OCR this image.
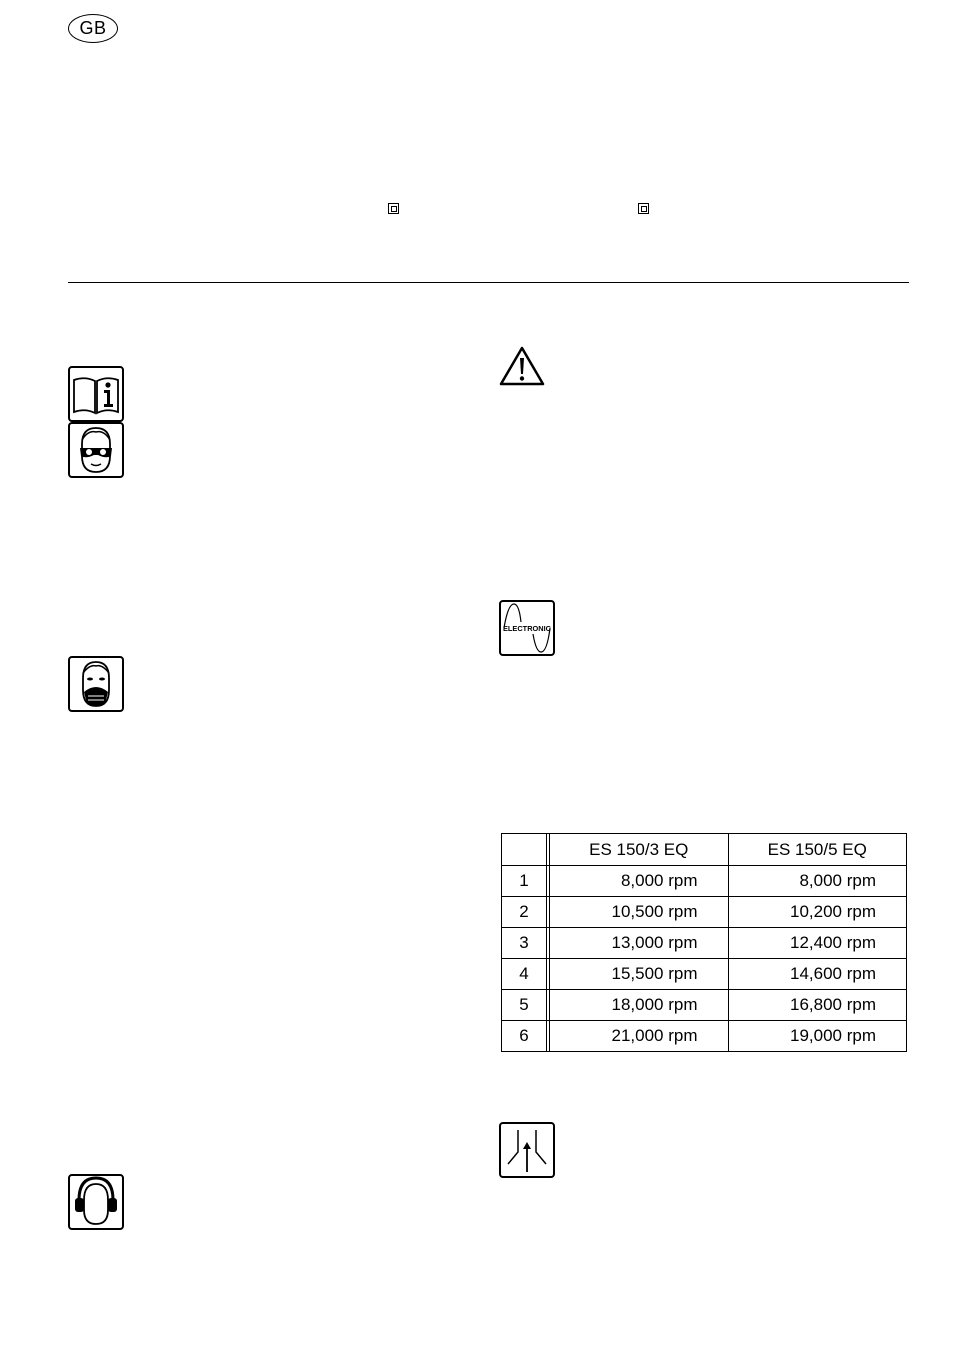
GB
ELECTRONIC
		ES 150/3 EQ	ES 150/5 EQ
1		8,000 rpm	8,000 rpm
2		10,500 rpm	10,200 rpm
3		13,000 rpm	12,400 rpm
4		15,500 rpm	14,600 rpm
5		18,000 rpm	16,800 rpm
6		21,000 rpm	19,000 rpm
